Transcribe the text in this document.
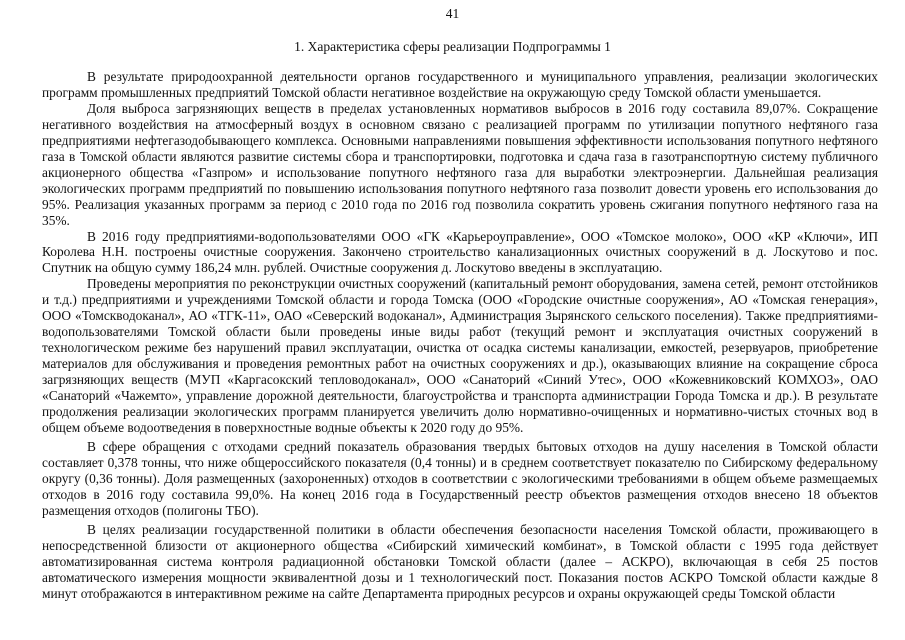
41
1. Характеристика сферы реализации Подпрограммы 1

В результате природоохранной деятельности органов государственного и муниципального управления, реализации экологических программ промышленных предприятий Томской области негативное воздействие на окружающую среду Томской области уменьшается.

Доля выброса загрязняющих веществ в пределах установленных нормативов выбросов в 2016 году составила 89,07%. Сокращение негативного воздействия на атмосферный воздух в основном связано с реализацией программ по утилизации попутного нефтяного газа предприятиями нефтегазодобывающего комплекса. Основными направлениями повышения эффективности использования попутного нефтяного газа в Томской области являются развитие системы сбора и транспортировки, подготовка и сдача газа в газотранспортную систему публичного акционерного общества «Газпром» и использование попутного нефтяного газа для выработки электроэнергии. Дальнейшая реализация экологических программ предприятий по повышению использования попутного нефтяного газа позволит довести уровень его использования до 95%. Реализация указанных программ за период с 2010 года по 2016 год позволила сократить уровень сжигания попутного нефтяного газа на 35%.

В 2016 году предприятиями-водопользователями ООО «ГК «Карьероуправление», ООО «Томское молоко», ООО «КР «Ключи», ИП Королева Н.Н. построены очистные сооружения. Закончено строительство канализационных очистных сооружений в д. Лоскутово и пос. Спутник на общую сумму 186,24 млн. рублей. Очистные сооружения д. Лоскутово введены в эксплуатацию.

Проведены мероприятия по реконструкции очистных сооружений (капитальный ремонт оборудования, замена сетей, ремонт отстойников и т.д.) предприятиями и учреждениями Томской области и города Томска (ООО «Городские очистные сооружения», АО «Томская генерация», ООО «Томскводоканал», АО «ТГК-11», ОАО «Северский водоканал», Администрация Зырянского сельского поселения). Также предприятиями-водопользователями Томской области были проведены иные виды работ (текущий ремонт и эксплуатация очистных сооружений в технологическом режиме без нарушений правил эксплуатации, очистка от осадка системы канализации, емкостей, резервуаров, приобретение материалов для обслуживания и проведения ремонтных работ на очистных сооружениях и др.), оказывающих влияние на сокращение сброса загрязняющих веществ (МУП «Каргасокский тепловодоканал», ООО «Санаторий «Синий Утес», ООО «Кожевниковский КОМХОЗ», ОАО «Санаторий «Чажемто», управление дорожной деятельности, благоустройства и транспорта администрации Города Томска и др.). В результате продолжения реализации экологических программ планируется увеличить долю нормативно-очищенных и нормативно-чистых сточных вод в общем объеме водоотведения в поверхностные водные объекты к 2020 году до 95%.

В сфере обращения с отходами средний показатель образования твердых бытовых отходов на душу населения в Томской области составляет 0,378 тонны, что ниже общероссийского показателя (0,4 тонны) и в среднем соответствует показателю по Сибирскому федеральному округу (0,36 тонны). Доля размещенных (захороненных) отходов в соответствии с экологическими требованиями в общем объеме размещаемых отходов в 2016 году составила 99,0%. На конец 2016 года в Государственный реестр объектов размещения отходов внесено 18 объектов размещения отходов (полигоны ТБО).

В целях реализации государственной политики в области обеспечения безопасности населения Томской области, проживающего в непосредственной близости от акционерного общества «Сибирский химический комбинат», в Томской области с 1995 года действует автоматизированная система контроля радиационной обстановки Томской области (далее – АСКРО), включающая в себя 25 постов автоматического измерения мощности эквивалентной дозы и 1 технологический пост. Показания постов АСКРО Томской области каждые 8 минут отображаются в интерактивном режиме на сайте Департамента природных ресурсов и охраны окружающей среды Томской области
